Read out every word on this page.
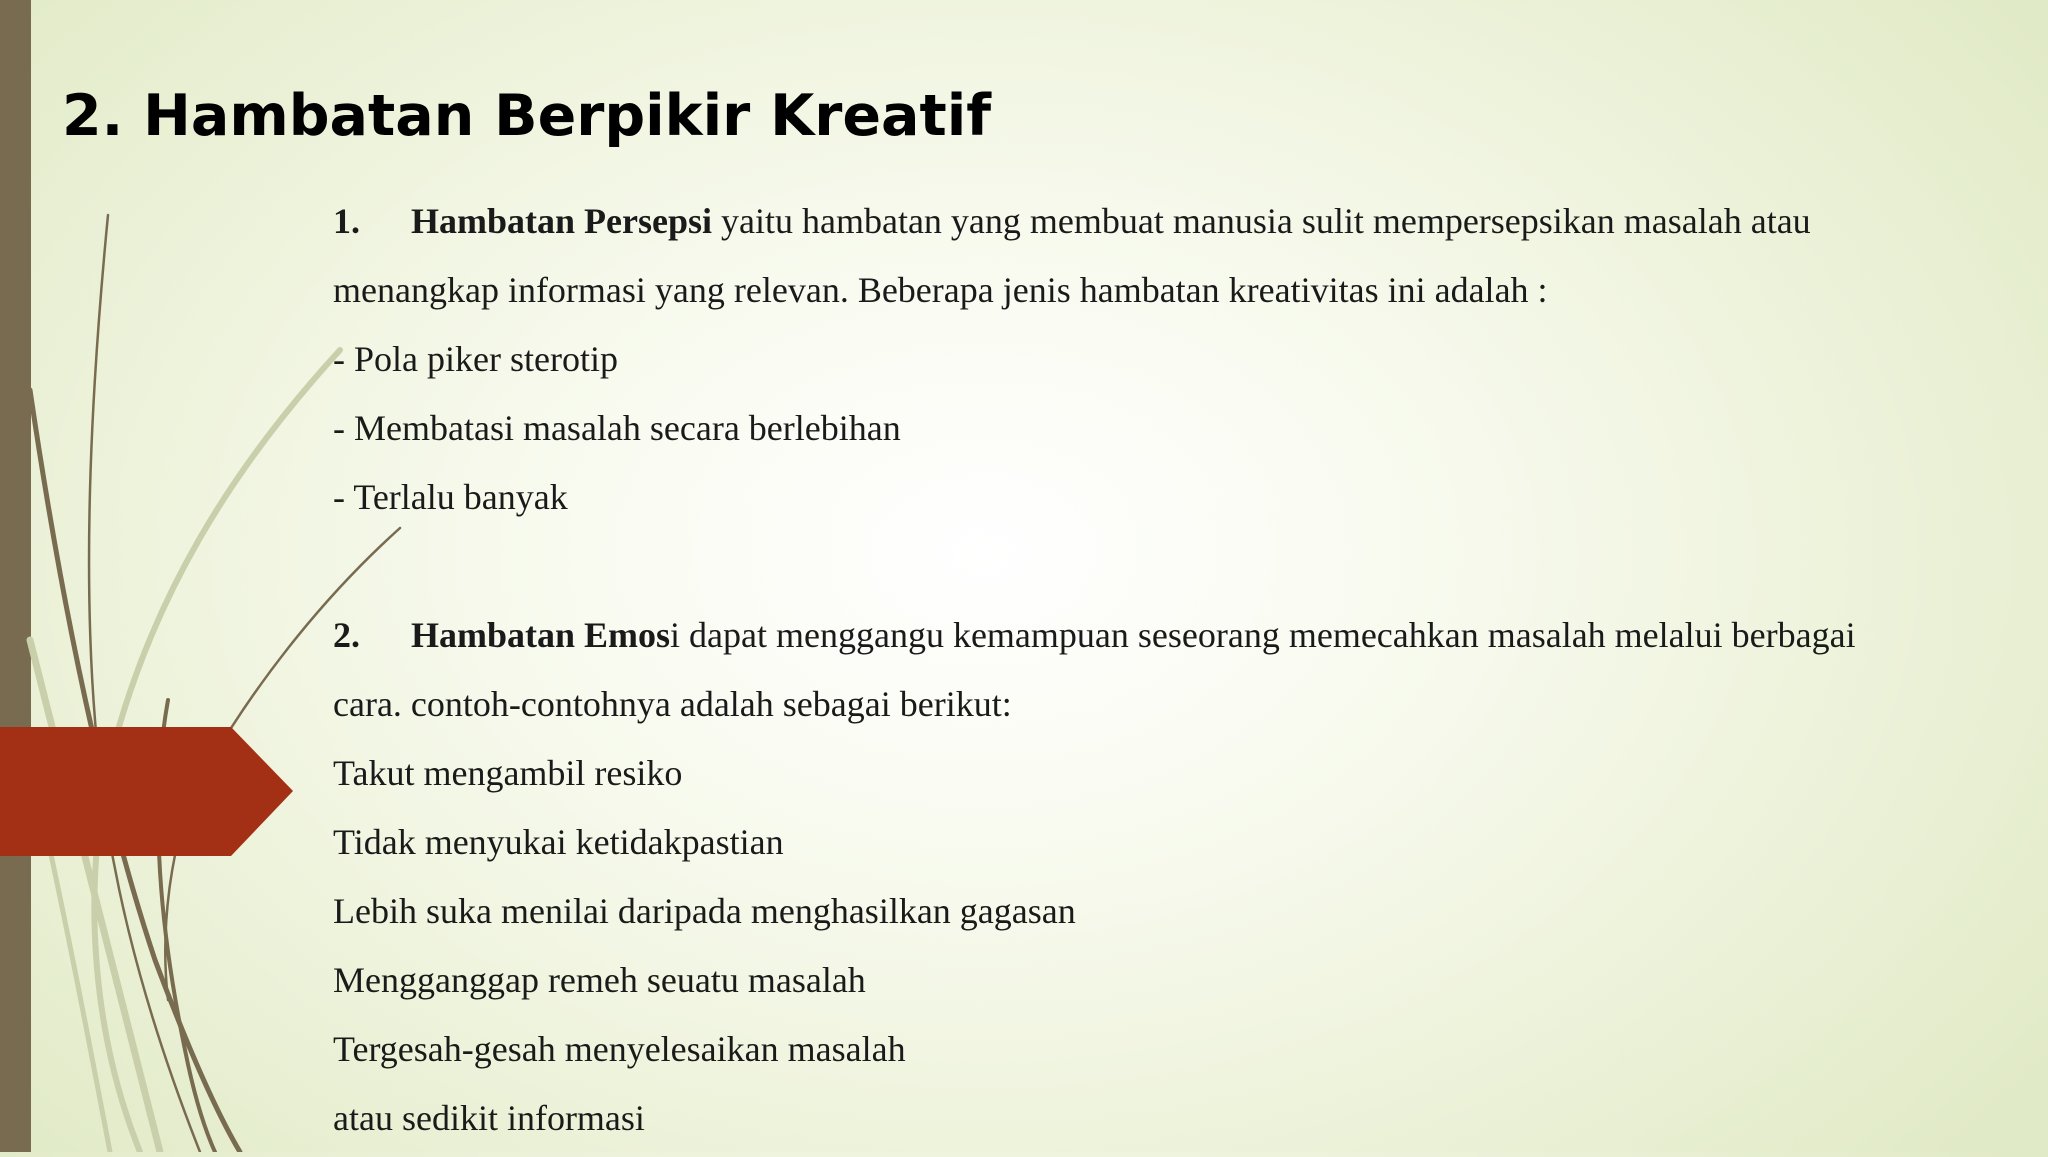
2. Hambatan Berpikir Kreatif
1. Hambatan Persepsi yaitu hambatan yang membuat manusia sulit mempersepsikan masalah atau
menangkap informasi yang relevan. Beberapa jenis hambatan kreativitas ini adalah :
- Pola piker sterotip
- Membatasi masalah secara berlebihan
- Terlalu banyak
2. Hambatan Emosi dapat menggangu kemampuan seseorang memecahkan masalah melalui berbagai
cara. contoh-contohnya adalah sebagai berikut:
Takut mengambil resiko
Tidak menyukai ketidakpastian
Lebih suka menilai daripada menghasilkan gagasan
Mengganggap remeh seuatu masalah
Tergesah-gesah menyelesaikan masalah
atau sedikit informasi
